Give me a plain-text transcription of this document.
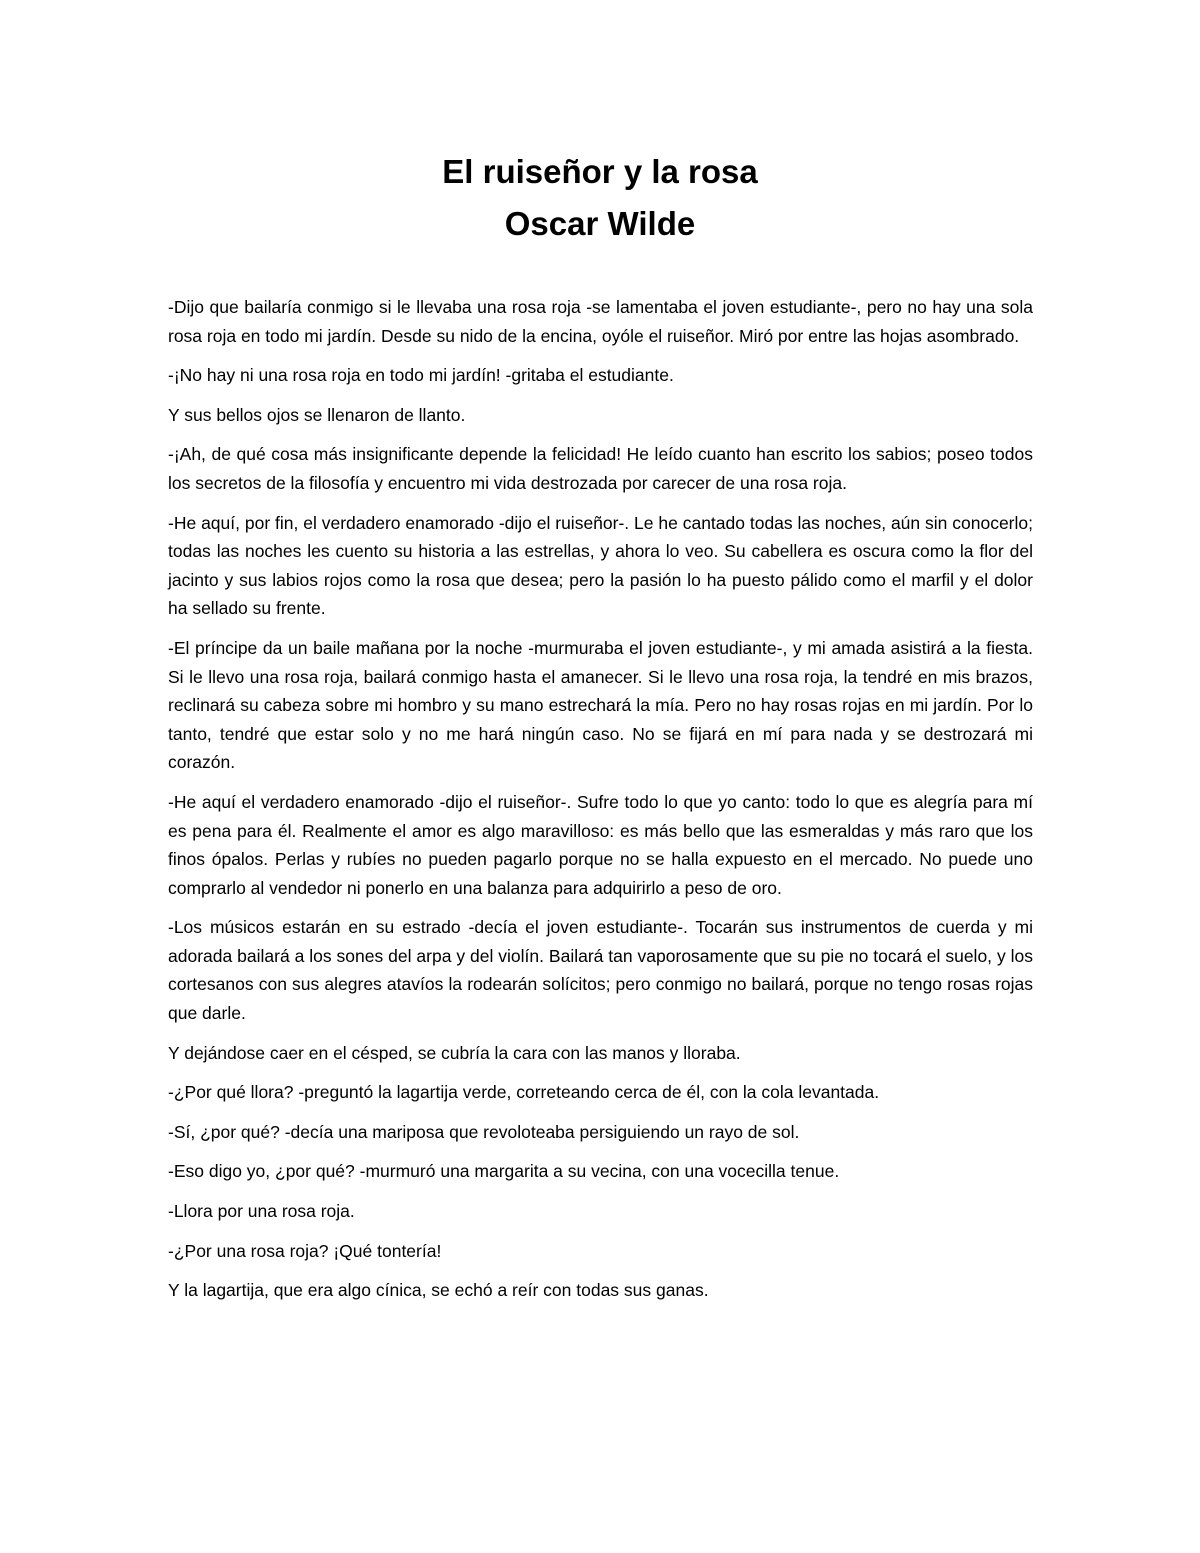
El ruiseñor y la rosa
Oscar Wilde

-Dijo que bailaría conmigo si le llevaba una rosa roja -se lamentaba el joven estudiante-, pero no hay una sola rosa roja en todo mi jardín. Desde su nido de la encina, oyóle el ruiseñor. Miró por entre las hojas asombrado.

-¡No hay ni una rosa roja en todo mi jardín! -gritaba el estudiante.

Y sus bellos ojos se llenaron de llanto.

-¡Ah, de qué cosa más insignificante depende la felicidad! He leído cuanto han escrito los sabios; poseo todos los secretos de la filosofía y encuentro mi vida destrozada por carecer de una rosa roja.

-He aquí, por fin, el verdadero enamorado -dijo el ruiseñor-. Le he cantado todas las noches, aún sin conocerlo; todas las noches les cuento su historia a las estrellas, y ahora lo veo. Su cabellera es oscura como la flor del jacinto y sus labios rojos como la rosa que desea; pero la pasión lo ha puesto pálido como el marfil y el dolor ha sellado su frente.

-El príncipe da un baile mañana por la noche -murmuraba el joven estudiante-, y mi amada asistirá a la fiesta. Si le llevo una rosa roja, bailará conmigo hasta el amanecer. Si le llevo una rosa roja, la tendré en mis brazos, reclinará su cabeza sobre mi hombro y su mano estrechará la mía. Pero no hay rosas rojas en mi jardín. Por lo tanto, tendré que estar solo y no me hará ningún caso. No se fijará en mí para nada y se destrozará mi corazón.

-He aquí el verdadero enamorado -dijo el ruiseñor-. Sufre todo lo que yo canto: todo lo que es alegría para mí es pena para él. Realmente el amor es algo maravilloso: es más bello que las esmeraldas y más raro que los finos ópalos. Perlas y rubíes no pueden pagarlo porque no se halla expuesto en el mercado. No puede uno comprarlo al vendedor ni ponerlo en una balanza para adquirirlo a peso de oro.

-Los músicos estarán en su estrado -decía el joven estudiante-. Tocarán sus instrumentos de cuerda y mi adorada bailará a los sones del arpa y del violín. Bailará tan vaporosamente que su pie no tocará el suelo, y los cortesanos con sus alegres atavíos la rodearán solícitos; pero conmigo no bailará, porque no tengo rosas rojas que darle.

Y dejándose caer en el césped, se cubría la cara con las manos y lloraba.

-¿Por qué llora? -preguntó la lagartija verde, correteando cerca de él, con la cola levantada.

-Sí, ¿por qué? -decía una mariposa que revoloteaba persiguiendo un rayo de sol.

-Eso digo yo, ¿por qué? -murmuró una margarita a su vecina, con una vocecilla tenue.

-Llora por una rosa roja.

-¿Por una rosa roja? ¡Qué tontería!

Y la lagartija, que era algo cínica, se echó a reír con todas sus ganas.
